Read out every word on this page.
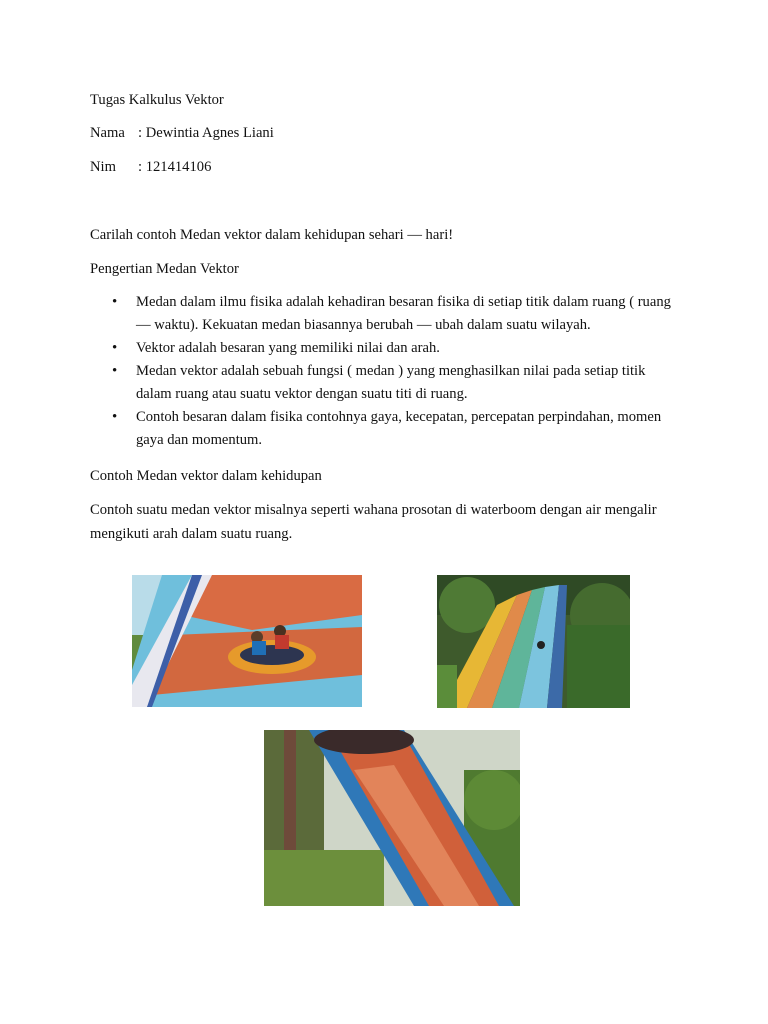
Tugas Kalkulus Vektor
Nama : Dewintia Agnes Liani
Nim : 121414106
Carilah contoh Medan vektor dalam kehidupan sehari — hari!
Pengertian Medan Vektor
• Medan dalam ilmu fisika adalah kehadiran besaran fisika di setiap titik dalam ruang ( ruang — waktu). Kekuatan medan biasannya berubah — ubah dalam suatu wilayah.
• Vektor adalah besaran yang memiliki nilai dan arah.
• Medan vektor adalah sebuah fungsi ( medan ) yang menghasilkan nilai pada setiap titik dalam ruang atau suatu vektor dengan suatu titi di ruang.
• Contoh besaran dalam fisika contohnya gaya, kecepatan, percepatan perpindahan, momen gaya dan momentum.
Contoh Medan vektor dalam kehidupan
Contoh suatu medan vektor misalnya seperti wahana prosotan di waterboom dengan air mengalir mengikuti arah dalam suatu ruang.
